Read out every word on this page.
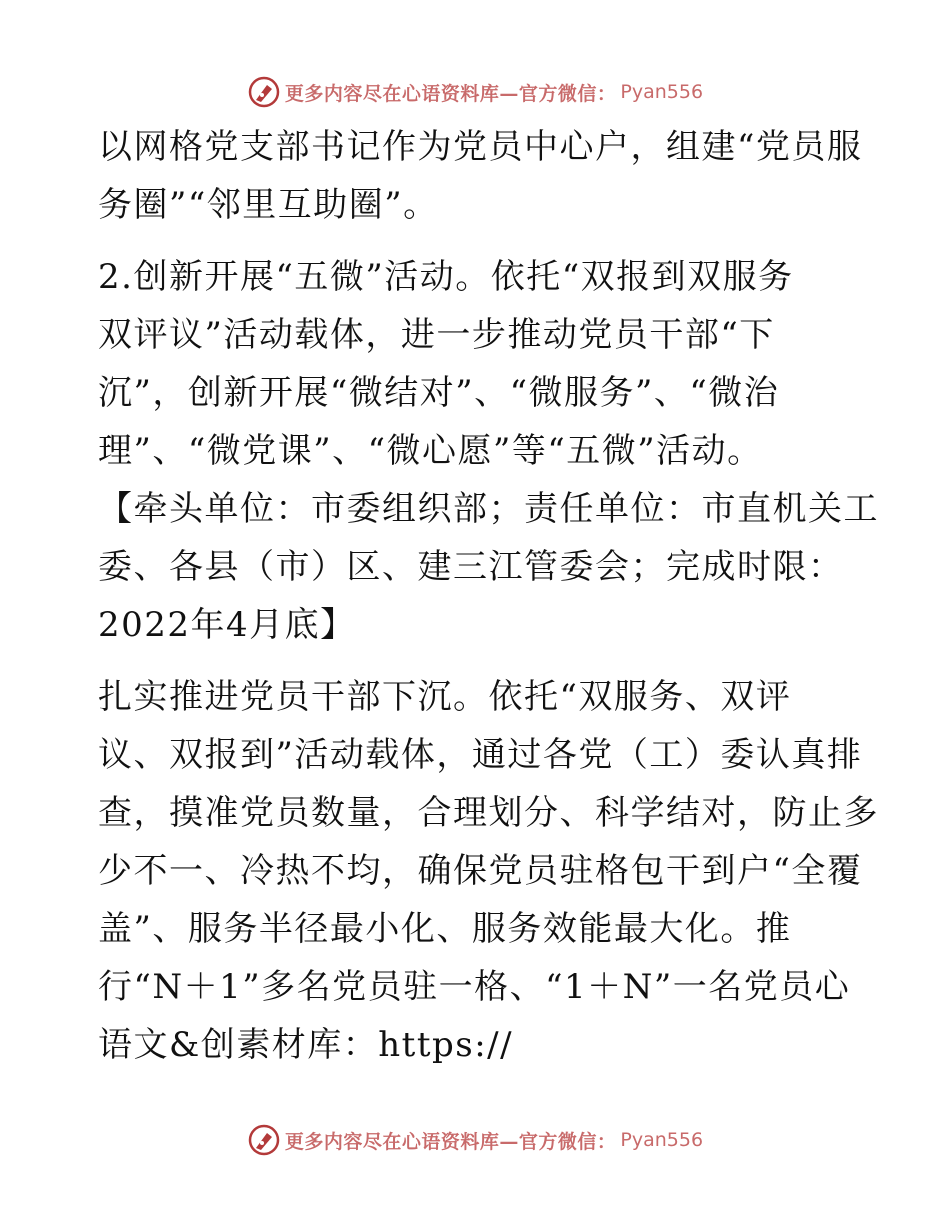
更多内容尽在心语资料库—官方微信： Pyan556
以网格党支部书记作为党员中心户，组建“党员服
务圈”“邻里互助圈”。
2.创新开展“五微”活动。依托“双报到双服务
双评议”活动载体，进一步推动党员干部“下
沉”，创新开展“微结对”、“微服务”、“微治
理”、“微党课”、“微心愿”等“五微”活动。
【牵头单位：市委组织部；责任单位：市直机关工
委、各县（市）区、建三江管委会；完成时限：
2022年4月底】
扎实推进党员干部下沉。依托“双服务、双评
议、双报到”活动载体，通过各党（工）委认真排
查，摸准党员数量，合理划分、科学结对，防止多
少不一、冷热不均，确保党员驻格包干到户“全覆
盖”、服务半径最小化、服务效能最大化。推
行“N＋1”多名党员驻一格、“1＋N”一名党员心
语文&创素材库：https://
更多内容尽在心语资料库—官方微信： Pyan556
